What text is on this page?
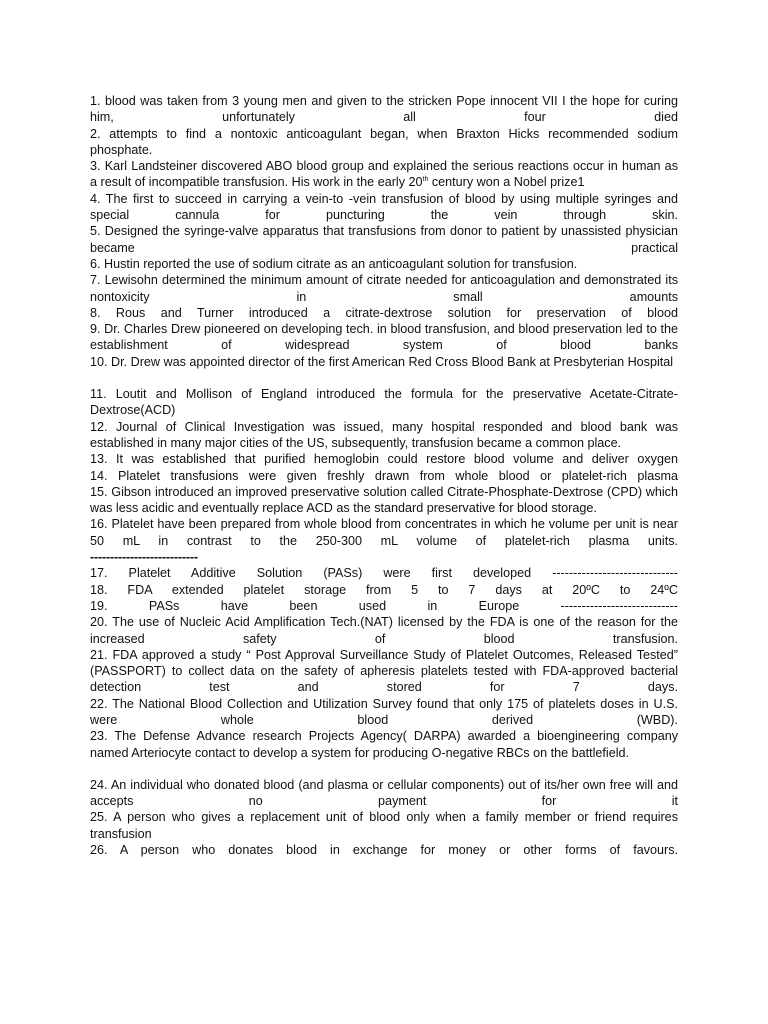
1. blood was taken from 3 young men and given to the stricken Pope innocent VII I the hope for curing him, unfortunately all four died
2. attempts to find a nontoxic anticoagulant began, when Braxton Hicks recommended sodium phosphate.
3. Karl Landsteiner discovered ABO blood group and explained the serious reactions occur in human as a result of incompatible transfusion. His work in the early 20th century won a Nobel prize1
4. The first to succeed in carrying a vein-to -vein transfusion of blood by using multiple syringes and special cannula for puncturing the vein through skin.
5. Designed the syringe-valve apparatus that transfusions from donor to patient by unassisted physician became practical
6. Hustin reported the use of sodium citrate as an anticoagulant solution for transfusion.
7. Lewisohn determined the minimum amount of citrate needed for anticoagulation and demonstrated its nontoxicity in small amounts
8. Rous and Turner introduced a citrate-dextrose solution for preservation of blood
9. Dr. Charles Drew pioneered on developing tech. in blood transfusion, and blood preservation led to the establishment of widespread system of blood banks
10. Dr. Drew was appointed director of the first American Red Cross Blood Bank at Presbyterian Hospital
11. Loutit and Mollison of England introduced the formula for the preservative Acetate-Citrate-Dextrose(ACD)
12. Journal of Clinical Investigation was issued, many hospital responded and blood bank was established in many major cities of the US, subsequently, transfusion became a common place.
13. It was established that purified hemoglobin could restore blood volume and deliver oxygen
14. Platelet transfusions were given freshly drawn from whole blood or platelet-rich plasma
15. Gibson introduced an improved preservative solution called Citrate-Phosphate-Dextrose (CPD) which was less acidic and eventually replace ACD as the standard preservative for blood storage.
16. Platelet have been prepared from whole blood from concentrates in which he volume per unit is near 50 mL in contrast to the 250-300 mL volume of platelet-rich plasma units.
---------------------------
17. Platelet Additive Solution (PASs) were first developed ------------------------------
18. FDA extended platelet storage from 5 to 7 days at 20ºC to 24ºC
19. PASs have been used in Europe ----------------------------
20. The use of Nucleic Acid Amplification Tech.(NAT) licensed by the FDA is one of the reason for the increased safety of blood transfusion.
21. FDA approved a study “ Post Approval Surveillance Study of Platelet Outcomes, Released Tested” (PASSPORT) to collect data on the safety of apheresis platelets tested with FDA-approved bacterial detection test and stored for 7 days.
22. The National Blood Collection and Utilization Survey found that only 175 of platelets doses in U.S. were whole blood derived (WBD).
23. The Defense Advance research Projects Agency( DARPA) awarded a bioengineering company named Arteriocyte contact to develop a system for producing O-negative RBCs on the battlefield.
24. An individual who donated blood (and plasma or cellular components) out of its/her own free will and accepts no payment for it
25. A person who gives a replacement unit of blood only when a family member or friend requires transfusion
26. A person who donates blood in exchange for money or other forms of favours.
